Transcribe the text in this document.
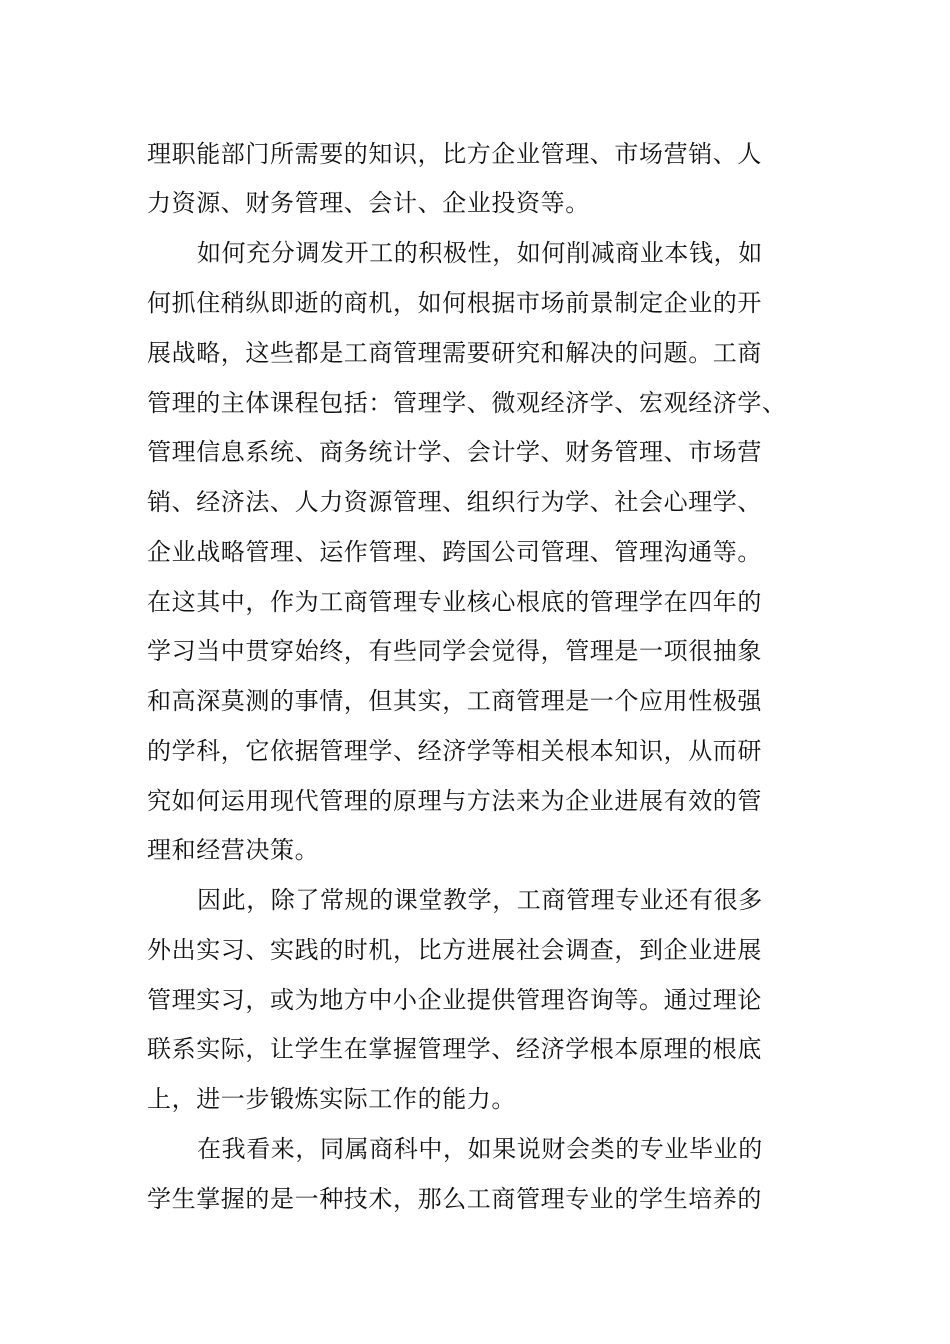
理职能部门所需要的知识，比方企业管理、市场营销、人
力资源、财务管理、会计、企业投资等。
如何充分调发开工的积极性，如何削减商业本钱，如
何抓住稍纵即逝的商机，如何根据市场前景制定企业的开
展战略，这些都是工商管理需要研究和解决的问题。工商
管理的主体课程包括：管理学、微观经济学、宏观经济学、
管理信息系统、商务统计学、会计学、财务管理、市场营
销、经济法、人力资源管理、组织行为学、社会心理学、
企业战略管理、运作管理、跨国公司管理、管理沟通等。
在这其中，作为工商管理专业核心根底的管理学在四年的
学习当中贯穿始终，有些同学会觉得，管理是一项很抽象
和高深莫测的事情，但其实，工商管理是一个应用性极强
的学科，它依据管理学、经济学等相关根本知识，从而研
究如何运用现代管理的原理与方法来为企业进展有效的管
理和经营决策。
因此，除了常规的课堂教学，工商管理专业还有很多
外出实习、实践的时机，比方进展社会调查，到企业进展
管理实习，或为地方中小企业提供管理咨询等。通过理论
联系实际，让学生在掌握管理学、经济学根本原理的根底
上，进一步锻炼实际工作的能力。
在我看来，同属商科中，如果说财会类的专业毕业的
学生掌握的是一种技术，那么工商管理专业的学生培养的
